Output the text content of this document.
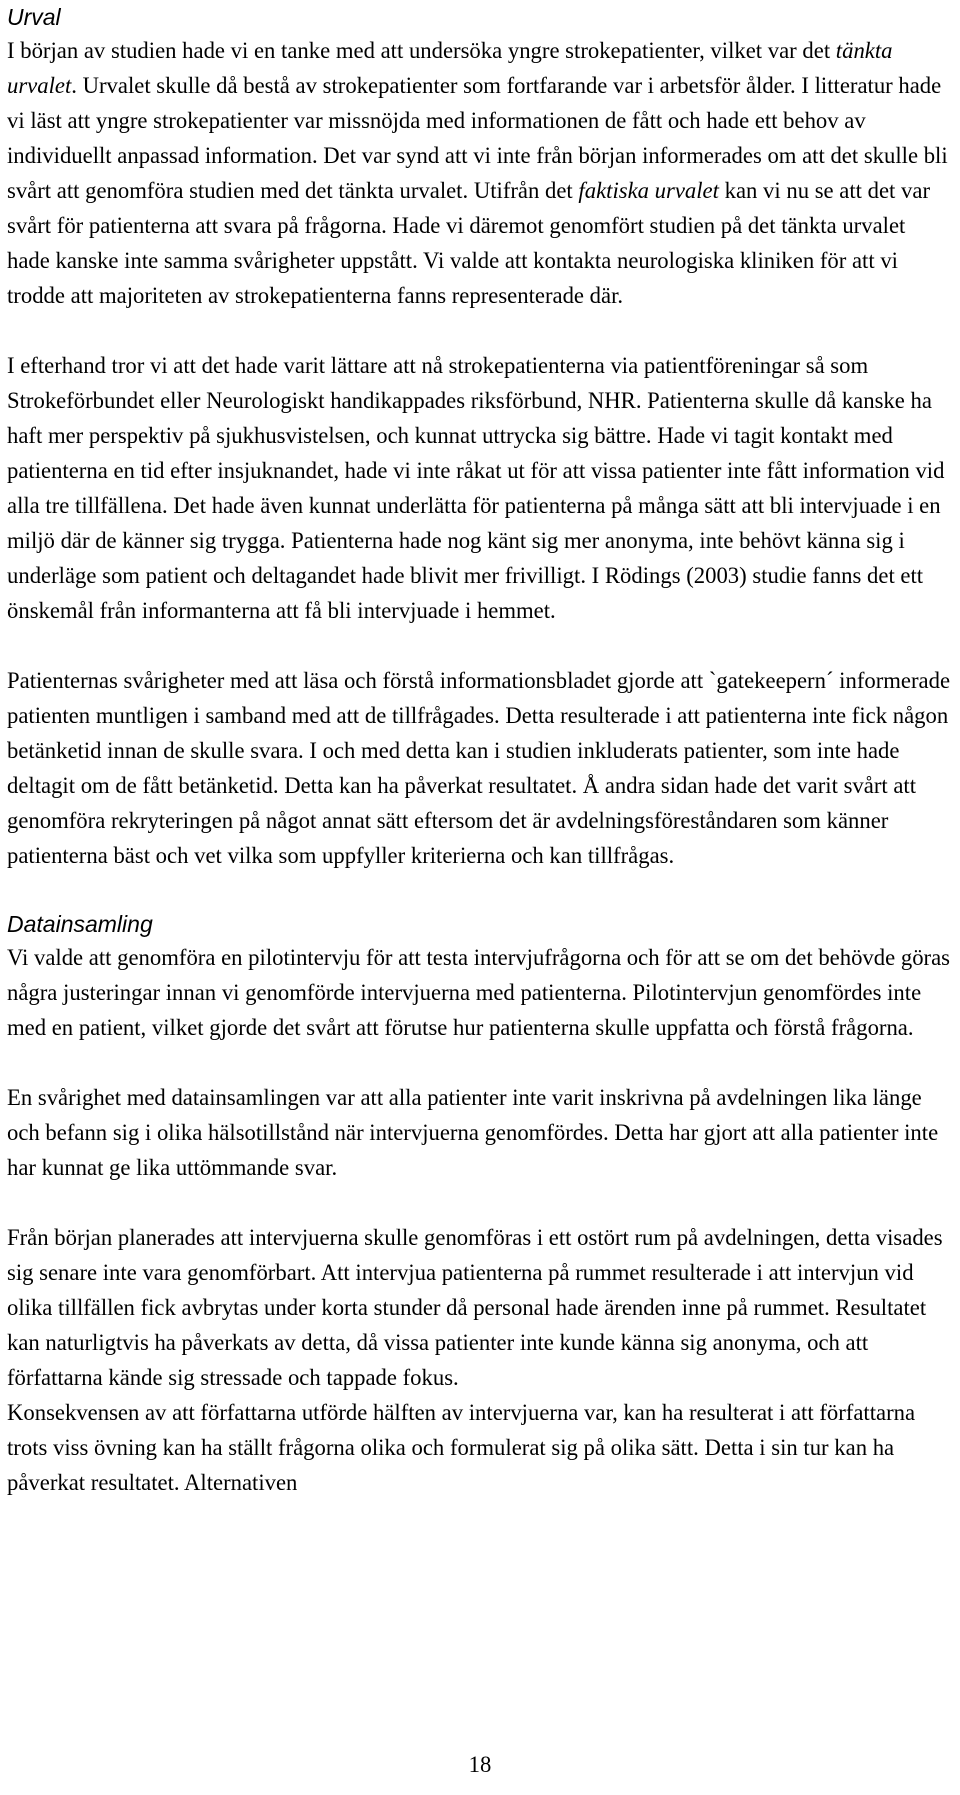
Urval

I början av studien hade vi en tanke med att undersöka yngre strokepatienter, vilket var det tänkta urvalet. Urvalet skulle då bestå av strokepatienter som fortfarande var i arbetsför ålder. I litteratur hade vi läst att yngre strokepatienter var missnöjda med informationen de fått och hade ett behov av individuellt anpassad information. Det var synd att vi inte från början informerades om att det skulle bli svårt att genomföra studien med det tänkta urvalet. Utifrån det faktiska urvalet kan vi nu se att det var svårt för patienterna att svara på frågorna. Hade vi däremot genomfört studien på det tänkta urvalet hade kanske inte samma svårigheter uppstått. Vi valde att kontakta neurologiska kliniken för att vi trodde att majoriteten av strokepatienterna fanns representerade där.

I efterhand tror vi att det hade varit lättare att nå strokepatienterna via patientföreningar så som Strokeförbundet eller Neurologiskt handikappades riksförbund, NHR. Patienterna skulle då kanske ha haft mer perspektiv på sjukhusvistelsen, och kunnat uttrycka sig bättre. Hade vi tagit kontakt med patienterna en tid efter insjuknandet, hade vi inte råkat ut för att vissa patienter inte fått information vid alla tre tillfällena. Det hade även kunnat underlätta för patienterna på många sätt att bli intervjuade i en miljö där de känner sig trygga. Patienterna hade nog känt sig mer anonyma, inte behövt känna sig i underläge som patient och deltagandet hade blivit mer frivilligt. I Rödings (2003) studie fanns det ett önskemål från informanterna att få bli intervjuade i hemmet.

Patienternas svårigheter med att läsa och förstå informationsbladet gjorde att `gatekeepern´ informerade patienten muntligen i samband med att de tillfrågades. Detta resulterade i att patienterna inte fick någon betänketid innan de skulle svara. I och med detta kan i studien inkluderats patienter, som inte hade deltagit om de fått betänketid. Detta kan ha påverkat resultatet. Å andra sidan hade det varit svårt att genomföra rekryteringen på något annat sätt eftersom det är avdelningsföreståndaren som känner patienterna bäst och vet vilka som uppfyller kriterierna och kan tillfrågas.

Datainsamling

Vi valde att genomföra en pilotintervju för att testa intervjufrågorna och för att se om det behövde göras några justeringar innan vi genomförde intervjuerna med patienterna. Pilotintervjun genomfördes inte med en patient, vilket gjorde det svårt att förutse hur patienterna skulle uppfatta och förstå frågorna.

En svårighet med datainsamlingen var att alla patienter inte varit inskrivna på avdelningen lika länge och befann sig i olika hälsotillstånd när intervjuerna genomfördes. Detta har gjort att alla patienter inte har kunnat ge lika uttömmande svar.

Från början planerades att intervjuerna skulle genomföras i ett ostört rum på avdelningen, detta visades sig senare inte vara genomförbart. Att intervjua patienterna på rummet resulterade i att intervjun vid olika tillfällen fick avbrytas under korta stunder då personal hade ärenden inne på rummet. Resultatet kan naturligtvis ha påverkats av detta, då vissa patienter inte kunde känna sig anonyma, och att författarna kände sig stressade och tappade fokus.

Konsekvensen av att författarna utförde hälften av intervjuerna var, kan ha resulterat i att författarna trots viss övning kan ha ställt frågorna olika och formulerat sig på olika sätt. Detta i sin tur kan ha påverkat resultatet. Alternativen

18
